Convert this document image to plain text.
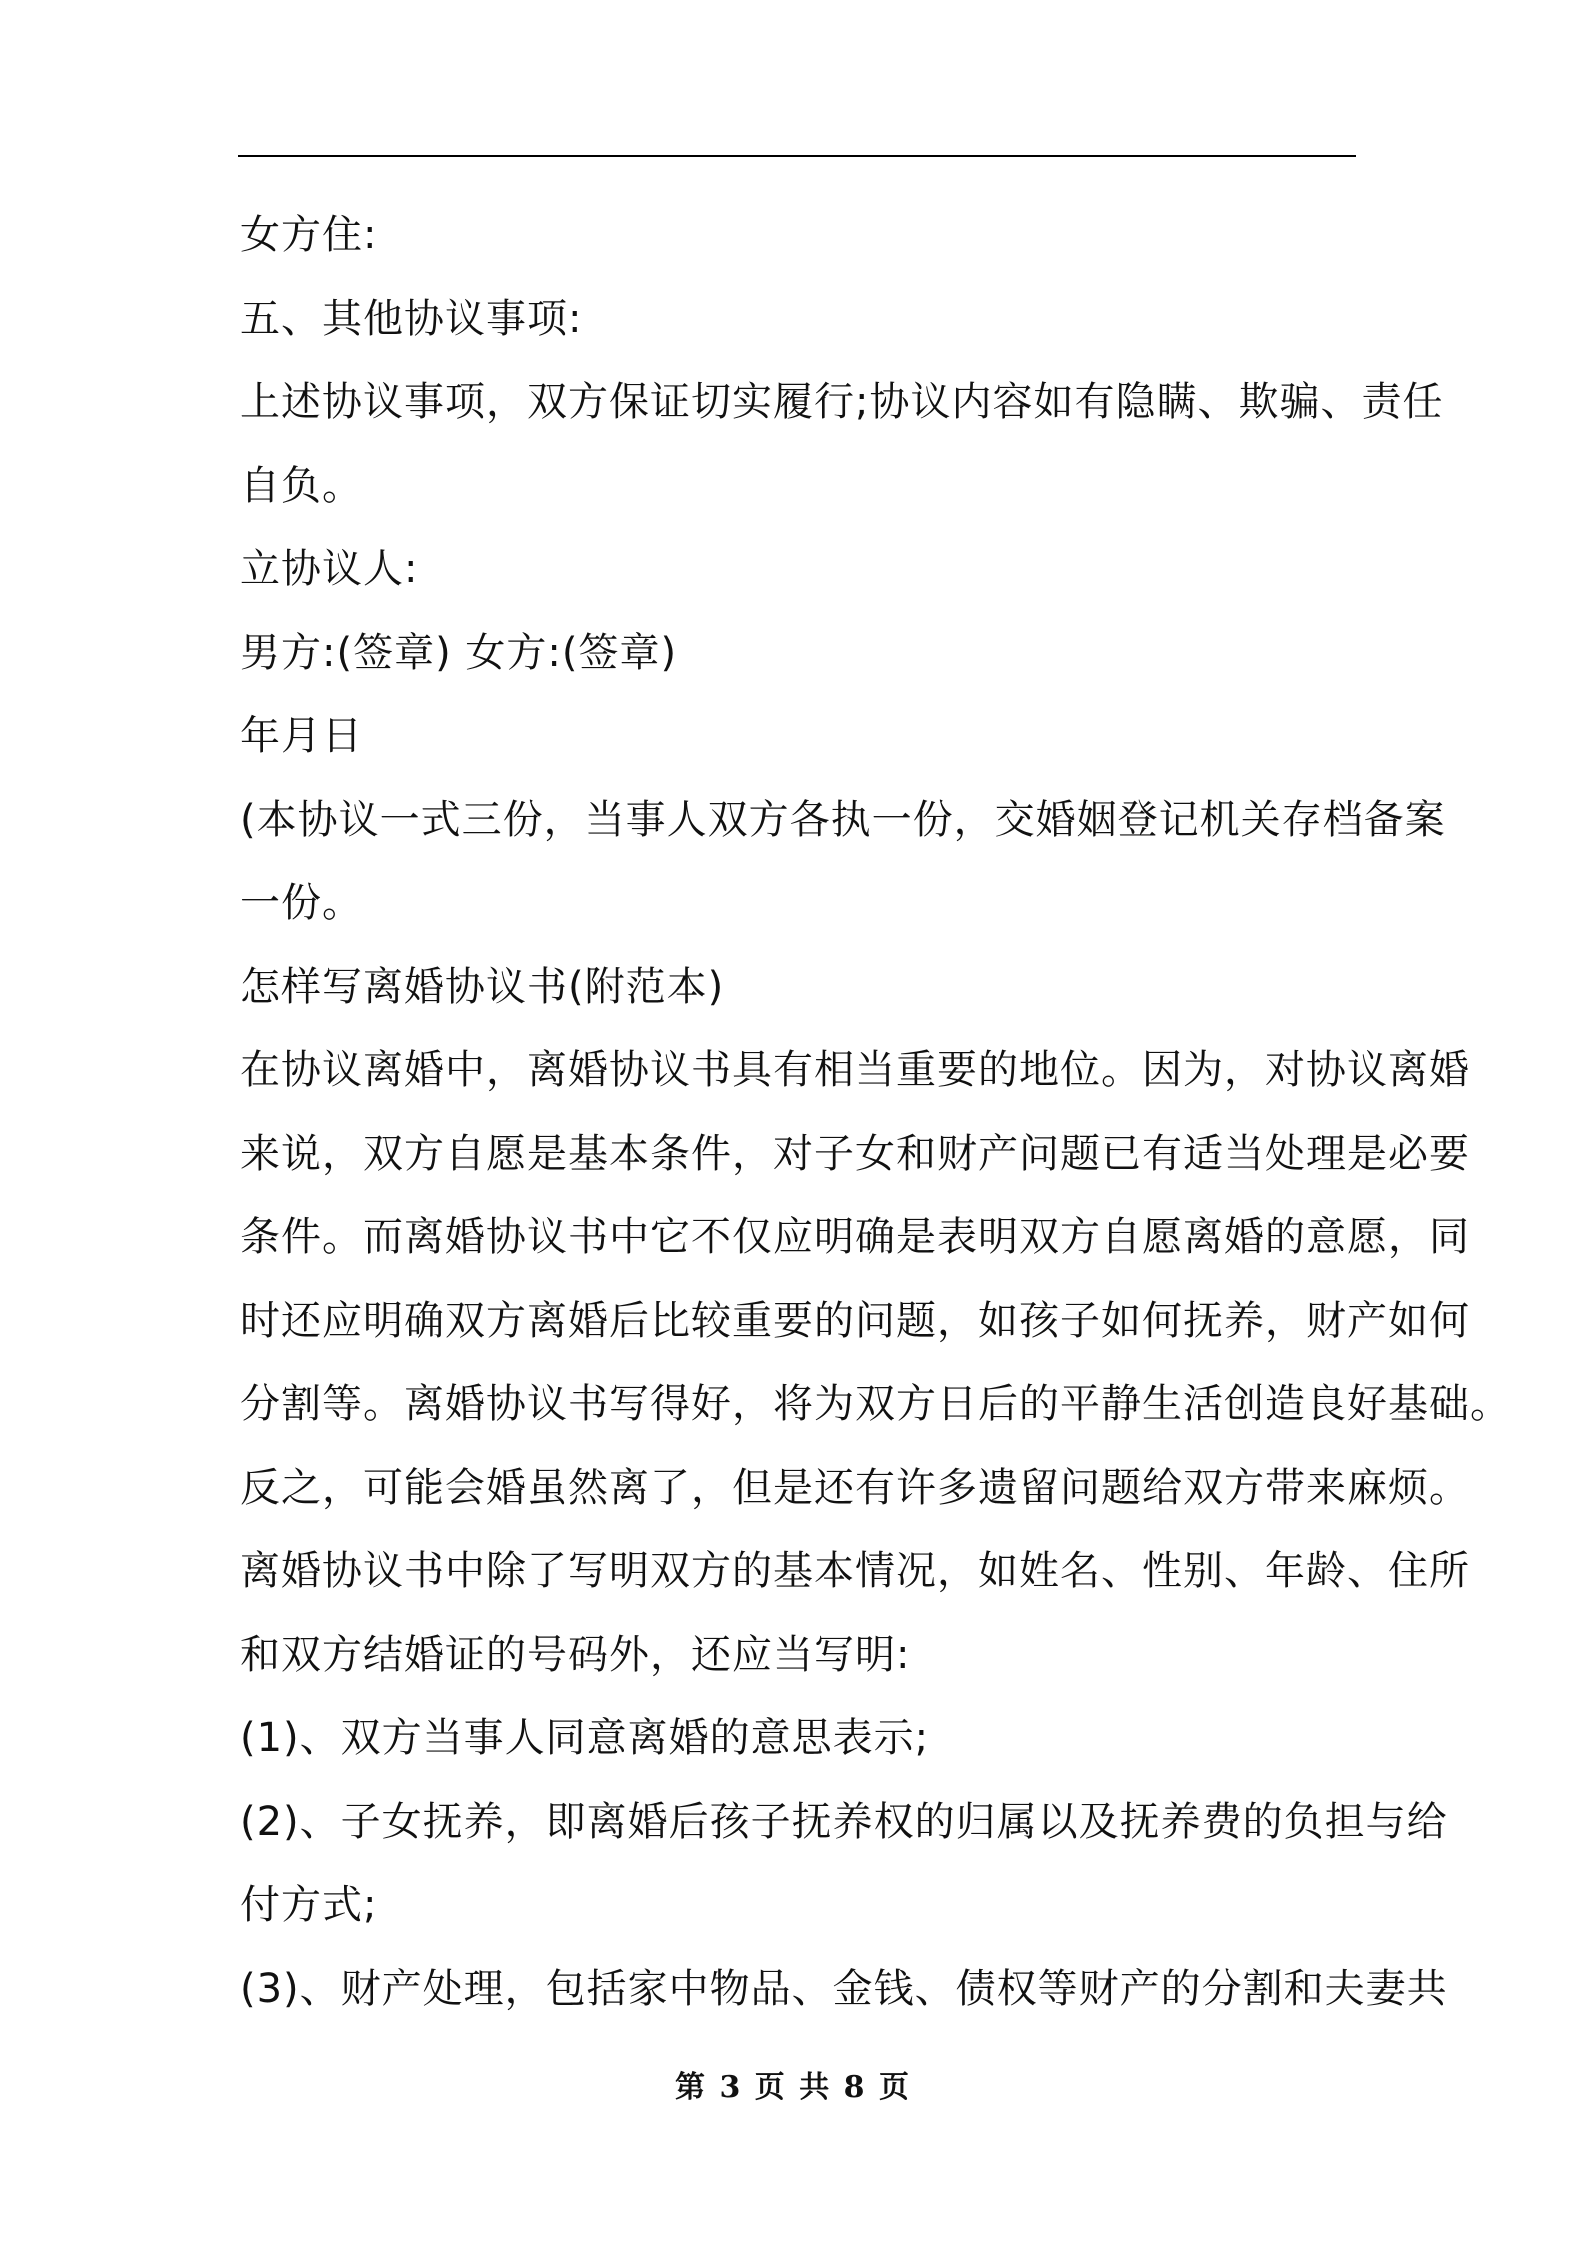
女方住:
五、其他协议事项:
上述协议事项，双方保证切实履行;协议内容如有隐瞒、欺骗、责任
自负。
立协议人:
男方:(签章) 女方:(签章)
年月日
(本协议一式三份，当事人双方各执一份，交婚姻登记机关存档备案
一份。
怎样写离婚协议书(附范本)
在协议离婚中，离婚协议书具有相当重要的地位。因为，对协议离婚
来说，双方自愿是基本条件，对子女和财产问题已有适当处理是必要
条件。而离婚协议书中它不仅应明确是表明双方自愿离婚的意愿，同
时还应明确双方离婚后比较重要的问题，如孩子如何抚养，财产如何
分割等。离婚协议书写得好，将为双方日后的平静生活创造良好基础。
反之，可能会婚虽然离了，但是还有许多遗留问题给双方带来麻烦。
离婚协议书中除了写明双方的基本情况，如姓名、性别、年龄、住所
和双方结婚证的号码外，还应当写明:
(1)、双方当事人同意离婚的意思表示;
(2)、子女抚养，即离婚后孩子抚养权的归属以及抚养费的负担与给
付方式;
(3)、财产处理，包括家中物品、金钱、债权等财产的分割和夫妻共
第 3 页 共 8 页
